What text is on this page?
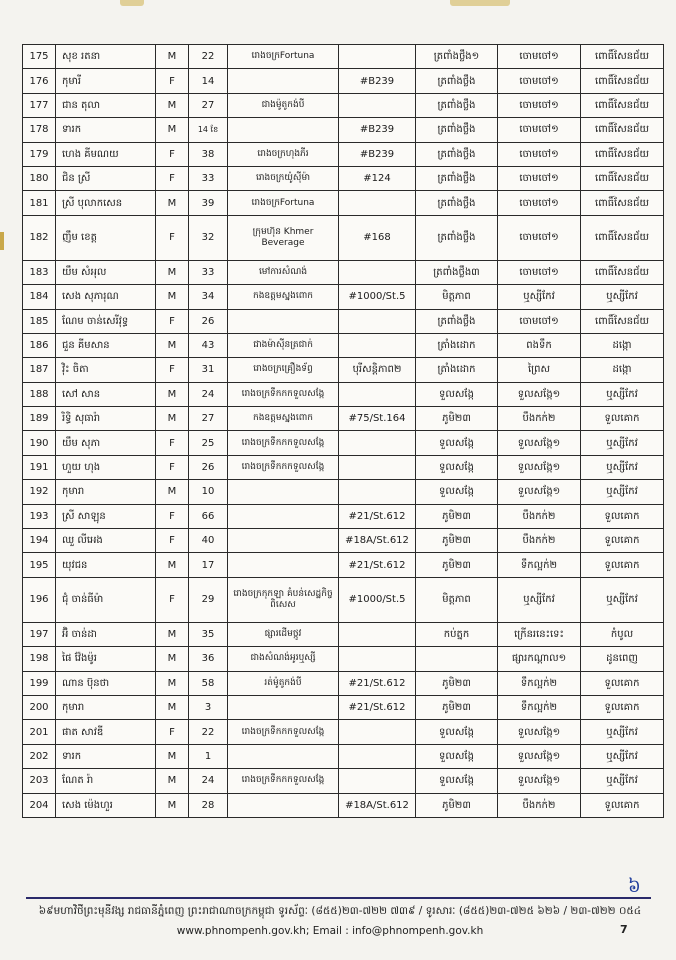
175	សុខ រតនា	M	22	រោងចក្រFortuna		ត្រពាំងថ្លឹង១	ចោមចៅ១	ពោធិ៍សែនជ័យ
176	កុមារី	F	14		#B239	ត្រពាំងថ្លឹង	ចោមចៅ១	ពោធិ៍សែនជ័យ
177	ជាន តុលា	M	27	ជាងម៉ូតូកង់បី		ត្រពាំងថ្លឹង	ចោមចៅ១	ពោធិ៍សែនជ័យ
178	ទារក	M	14 ខែ		#B239	ត្រពាំងថ្លឹង	ចោមចៅ១	ពោធិ៍សែនជ័យ
179	ហេង គីមណយ	F	38	រោងចក្រហុងភីរ	#B239	ត្រពាំងថ្លឹង	ចោមចៅ១	ពោធិ៍សែនជ័យ
180	ជិន ស្រី	F	33	រោងចក្រយ៉ូស៊ីម៉ា	#124	ត្រពាំងថ្លឹង	ចោមចៅ១	ពោធិ៍សែនជ័យ
181	ស្រី បុលាកសេន	M	39	រោងចក្រFortuna		ត្រពាំងថ្លឹង	ចោមចៅ១	ពោធិ៍សែនជ័យ
182	ញឹម ខេត្ត	F	32	ក្រុមហ៊ុន Khmer Beverage	#168	ត្រពាំងថ្លឹង	ចោមចៅ១	ពោធិ៍សែនជ័យ
183	យឹម សំអុល	M	33	មៅការសំណង់		ត្រពាំងថ្លឹង៣	ចោមចៅ១	ពោធិ៍សែនជ័យ
184	សេង សុភារុណ	M	34	កងឧត្តមស្នងពោក	#1000/St.5	មិត្តភាព	ឬស្សីកែវ	ឬស្សីកែវ
185	ណែម ចាន់សេរីវុទ្ធ	F	26			ត្រពាំងថ្លឹង	ចោមចៅ១	ពោធិ៍សែនជ័យ
186	ជួន គីមសាន	M	43	ជាងម៉ាស៊ីនត្រជាក់		ត្រាំងដោក	ពងទឹក	ដង្កោ
187	វ៉ិះ ចិតា	F	31	រោងចក្រគ្រឿងទ័ព្ធ	បុរីសន្តិភាព២	ត្រាំងដោក	ព្រៃស	ដង្កោ
188	សៅ សាន	M	24	រោងចក្រទឹកកកទួលសង្កែ		ទួលសង្កែ	ទួលសង្កែ១	ឬស្សីកែវ
189	រិទ្ធិ សុធារ៉ា	M	27	កងឧត្តមស្នងពោក	#75/St.164	ភូមិ២៣	បឹងកក់២	ទួលគោក
190	យឹម សុភា	F	25	រោងចក្រទឹកកកទួលសង្កែ		ទួលសង្កែ	ទួលសង្កែ១	ឬស្សីកែវ
191	ហួយ ហុង	F	26	រោងចក្រទឹកកកទួលសង្កែ		ទួលសង្កែ	ទួលសង្កែ១	ឬស្សីកែវ
192	កុមារា	M	10			ទួលសង្កែ	ទួលសង្កែ១	ឬស្សីកែវ
193	ស្រី សាឡុន	F	66		#21/St.612	ភូមិ២៣	បឹងកក់២	ទួលគោក
194	ឈួ លីអេង	F	40		#18A/St.612	ភូមិ២៣	បឹងកក់២	ទួលគោក
195	យុវជន	M	17		#21/St.612	ភូមិ២៣	ទឹកល្អក់២	ទួលគោក
196	ជុំ ចាន់ធីម៉ា	F	29	រោងចក្រកុកឡា គំបន់សេដ្ឋកិច្ចពិសេស	#1000/St.5	មិត្តភាព	ឬស្សីកែវ	ឬស្សីកែវ
197	អ៊ិ ចាន់ដា	M	35	ផ្សារដើមថ្កូវ		កប់ត្នក	ក្រើនរនេះទេះ	កំបូល
198	ផៃ វ៉ែងម៉ូរ	M	36	ជាងសំណង់អូរឬស្សី			ផ្សារកណ្ដាល១	ដូនពេញ
199	ណាន ប៊ុនថា	M	58	រត់ម៉ូតូកង់បី	#21/St.612	ភូមិ២៣	ទឹកល្អក់២	ទួលគោក
200	កុមារា	M	3		#21/St.612	ភូមិ២៣	ទឹកល្អក់២	ទួលគោក
201	ផាត សាវឌី	F	22	រោងចក្រទឹកកកទួលសង្កែ		ទួលសង្កែ	ទួលសង្កែ១	ឬស្សីកែវ
202	ទារក	M	1			ទួលសង្កែ	ទួលសង្កែ១	ឬស្សីកែវ
203	ណែត រ៉ា	M	24	រោងចក្រទឹកកកទួលសង្កែ		ទួលសង្កែ	ទួលសង្កែ១	ឬស្សីកែវ
204	សេង ម៉េងហួរ	M	28		#18A/St.612	ភូមិ២៣	បឹងកក់២	ទួលគោក
៦
៦៩មហាវិថីព្រះមុនីវង្ស រាជធានីភ្នំពេញ ព្រះរាជាណាចក្រកម្ពុជា ទូរស័ព្ទៈ (៨៥៥)២៣-៧២២ ៧៣៩ / ទូរសារៈ (៨៥៥)២៣-៧២៥ ៦២៦ / ២៣-៧២២ ០៥៤
www.phnompenh.gov.kh; Email : info@phnompenh.gov.kh	7
